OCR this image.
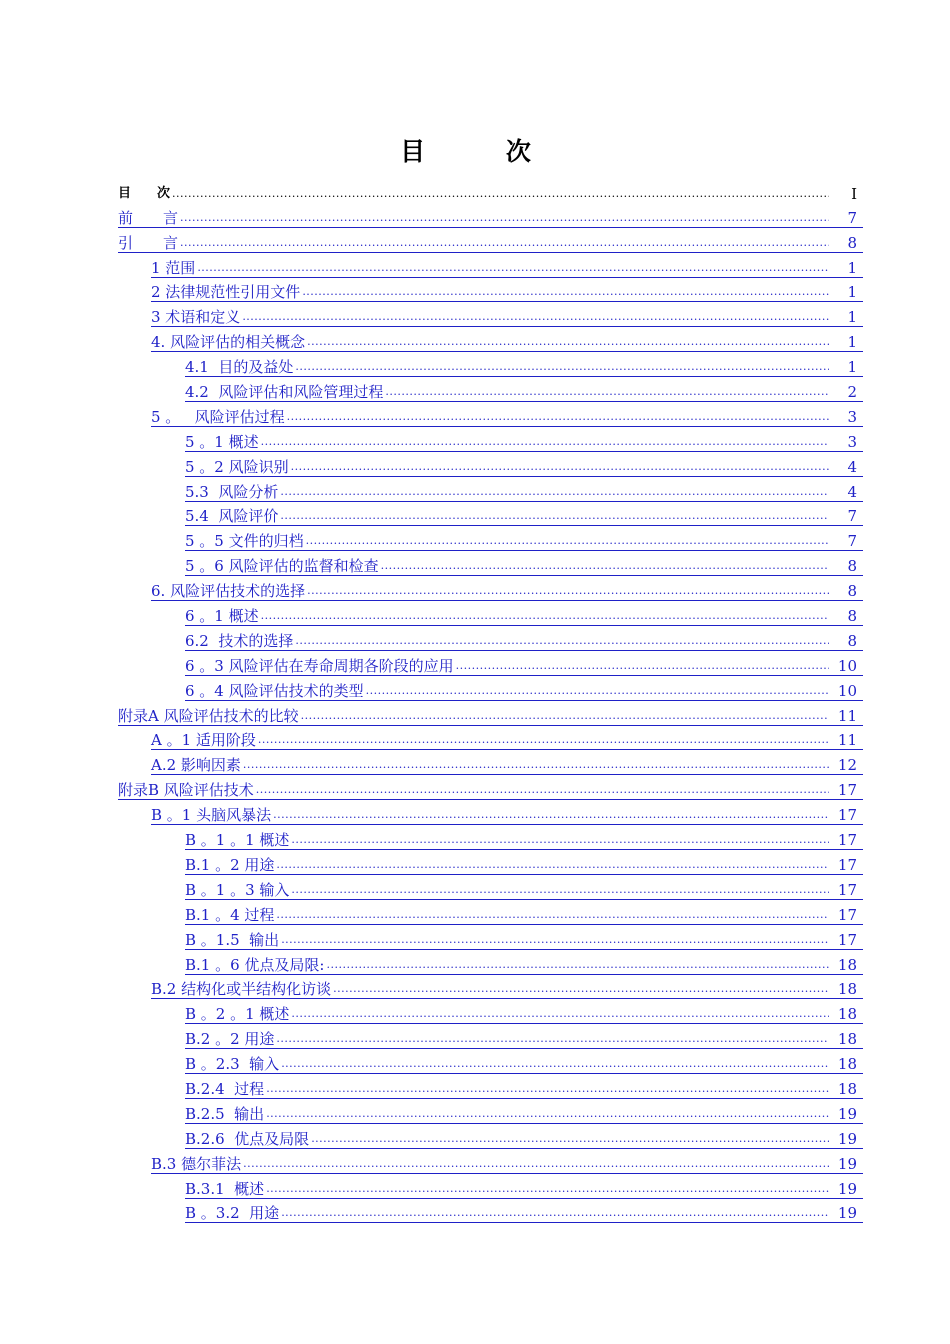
目 次
目　　次 .....	I
前　　言 .....	7
引　　言 .....	8
1 范围 .....	1
2 法律规范性引用文件 .....	1
3 术语和定义 .....	1
4. 风险评估的相关概念 .....	1
4.1  目的及益处 .....	1
4.2  风险评估和风险管理过程 .....	2
5 。   风险评估过程 .....	3
5 。1 概述 .....	3
5 。2 风险识别 .....	4
5.3  风险分析 .....	4
5.4  风险评价 .....	7
5 。5 文件的归档 .....	7
5 。6 风险评估的监督和检查 .....	8
6. 风险评估技术的选择 .....	8
6 。1 概述 .....	8
6.2  技术的选择 .....	8
6 。3 风险评估在寿命周期各阶段的应用 .....	10
6 。4 风险评估技术的类型 .....	10
附录A 风险评估技术的比较 .....	11
A 。1 适用阶段 .....	11
A.2 影响因素 .....	12
附录B 风险评估技术 .....	17
B 。1 头脑风暴法 .....	17
B 。1 。1 概述 .....	17
B.1 。2 用途 .....	17
B 。1 。3 输入 .....	17
B.1 。4 过程 .....	17
B 。1.5  输出 .....	17
B.1 。6 优点及局限: .....	18
B.2 结构化或半结构化访谈 .....	18
B 。2 。1 概述 .....	18
B.2 。2 用途 .....	18
B 。2.3  输入 .....	18
B.2.4  过程 .....	18
B.2.5  输出 .....	19
B.2.6  优点及局限 .....	19
B.3 德尔菲法 .....	19
B.3.1  概述 .....	19
B 。3.2  用途 .....	19
